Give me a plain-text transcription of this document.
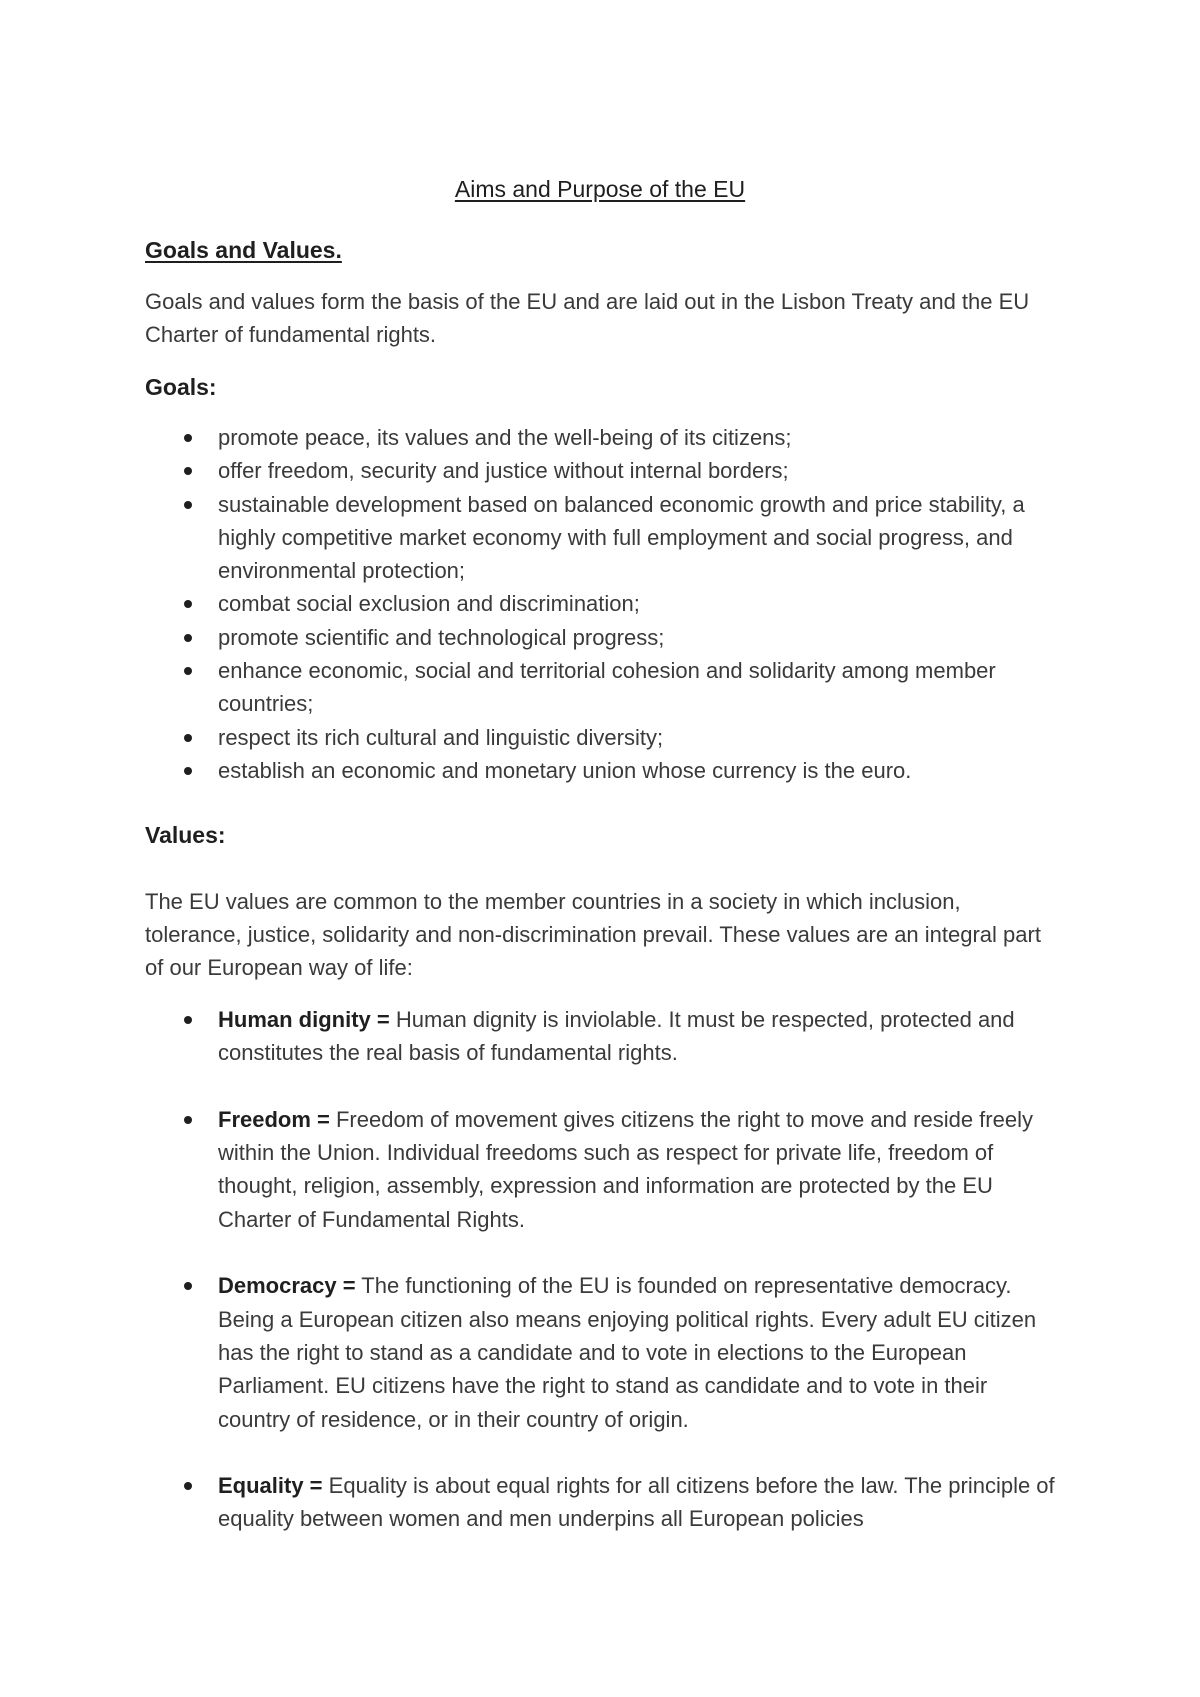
Aims and Purpose of the EU
Goals and Values.

Goals and values form the basis of the EU and are laid out in the Lisbon Treaty and the EU Charter of fundamental rights.

Goals:
promote peace, its values and the well-being of its citizens;
offer freedom, security and justice without internal borders;
sustainable development based on balanced economic growth and price stability, a highly competitive market economy with full employment and social progress, and environmental protection;
combat social exclusion and discrimination;
promote scientific and technological progress;
enhance economic, social and territorial cohesion and solidarity among member countries;
respect its rich cultural and linguistic diversity;
establish an economic and monetary union whose currency is the euro.
Values:

The EU values are common to the member countries in a society in which inclusion, tolerance, justice, solidarity and non-discrimination prevail. These values are an integral part of our European way of life:

Human dignity = Human dignity is inviolable. It must be respected, protected and constitutes the real basis of fundamental rights.
Freedom = Freedom of movement gives citizens the right to move and reside freely within the Union. Individual freedoms such as respect for private life, freedom of thought, religion, assembly, expression and information are protected by the EU Charter of Fundamental Rights.
Democracy = The functioning of the EU is founded on representative democracy. Being a European citizen also means enjoying political rights. Every adult EU citizen has the right to stand as a candidate and to vote in elections to the European Parliament. EU citizens have the right to stand as candidate and to vote in their country of residence, or in their country of origin.
Equality = Equality is about equal rights for all citizens before the law. The principle of equality between women and men underpins all European policies
